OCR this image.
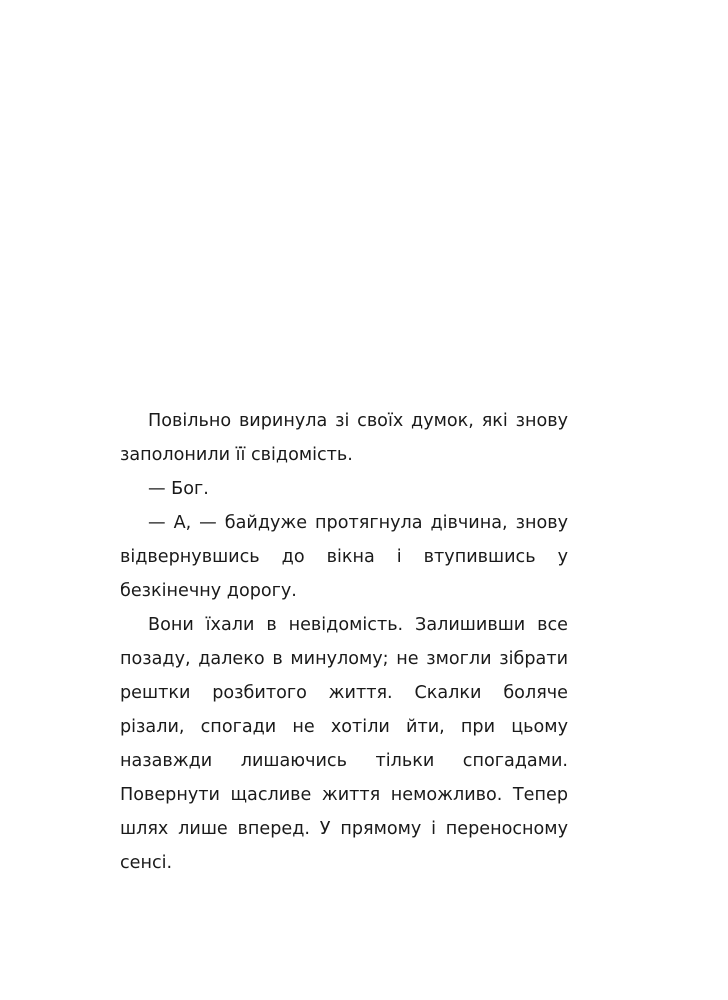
Повільно виринула зі своїх думок, які знову заполонили її свідомість.

— Бог.

— А, — байдуже протягнула дівчина, знову відвернувшись до вікна і втупившись у безкінечну дорогу.

Вони їхали в невідомість. Залишивши все позаду, далеко в минулому; не змогли зібрати рештки розбитого життя. Скалки боляче різали, спогади не хотіли йти, при цьому назавжди лишаючись тільки спогадами. Повернути щасливе життя неможливо. Тепер шлях лише вперед. У прямому і переносному сенсі.
